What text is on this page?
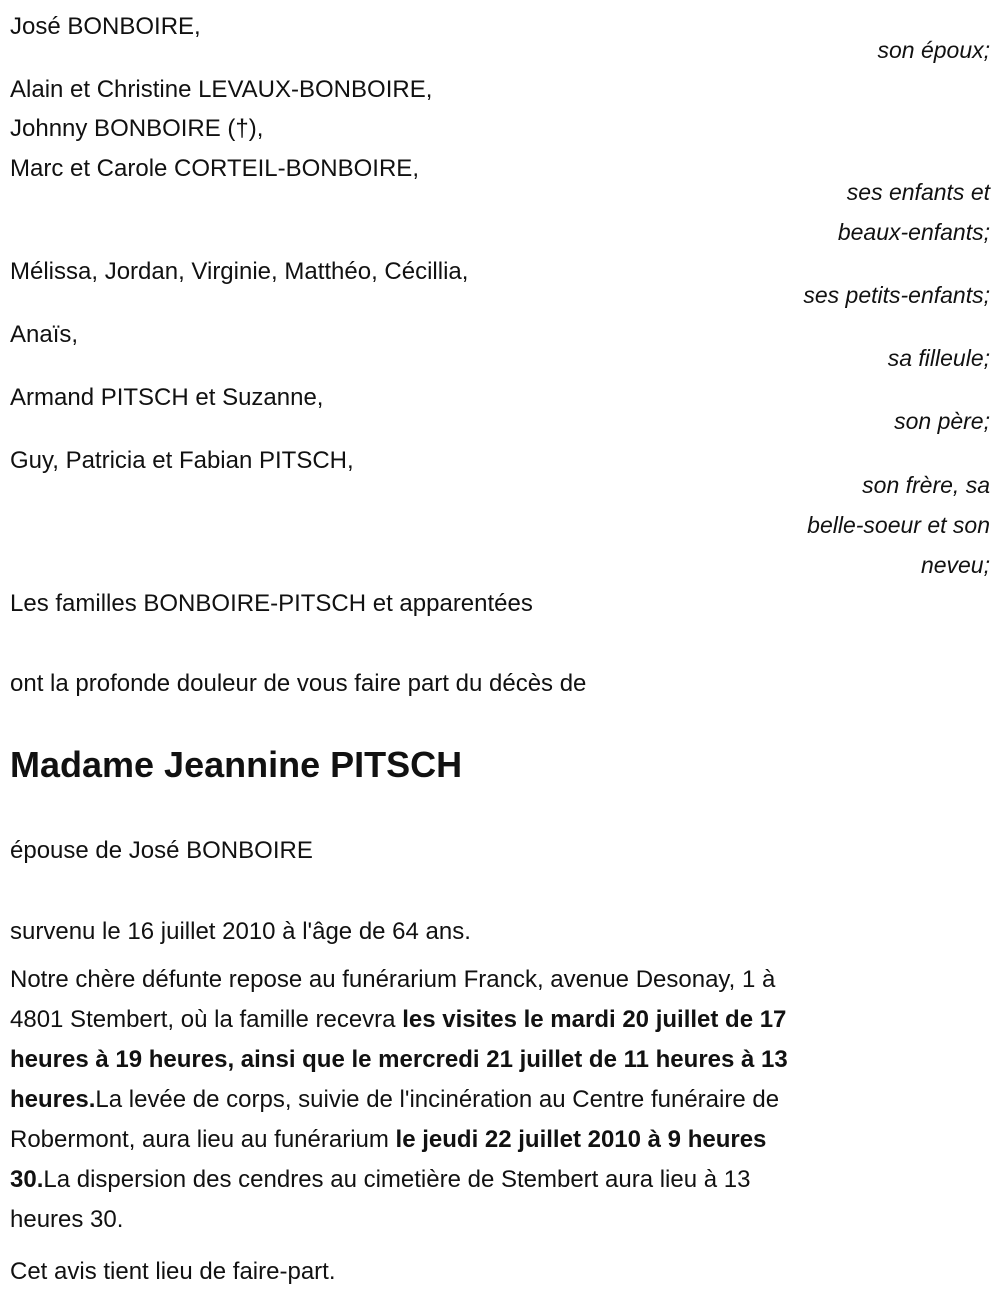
José BONBOIRE,
son époux;
Alain et Christine LEVAUX-BONBOIRE,
Johnny BONBOIRE (†),
Marc et Carole CORTEIL-BONBOIRE,
ses enfants et
beaux-enfants;
Mélissa, Jordan, Virginie, Matthéo, Cécillia,
ses petits-enfants;
Anaïs,
sa filleule;
Armand PITSCH et Suzanne,
son père;
Guy, Patricia et Fabian PITSCH,
son frère, sa
belle-soeur et son
neveu;
Les familles BONBOIRE-PITSCH et apparentées
ont la profonde douleur de vous faire part du décès de
Madame Jeannine PITSCH
épouse de José BONBOIRE
survenu le 16 juillet 2010 à l'âge de 64 ans.
Notre chère défunte repose au funérarium Franck, avenue Desonay, 1 à
4801 Stembert, où la famille recevra les visites le mardi 20 juillet de 17
heures à 19 heures, ainsi que le mercredi 21 juillet de 11 heures à 13
heures.La levée de corps, suivie de l'incinération au Centre funéraire de
Robermont, aura lieu au funérarium le jeudi 22 juillet 2010 à 9 heures
30.La dispersion des cendres au cimetière de Stembert aura lieu à 13
heures 30.
Cet avis tient lieu de faire-part.
